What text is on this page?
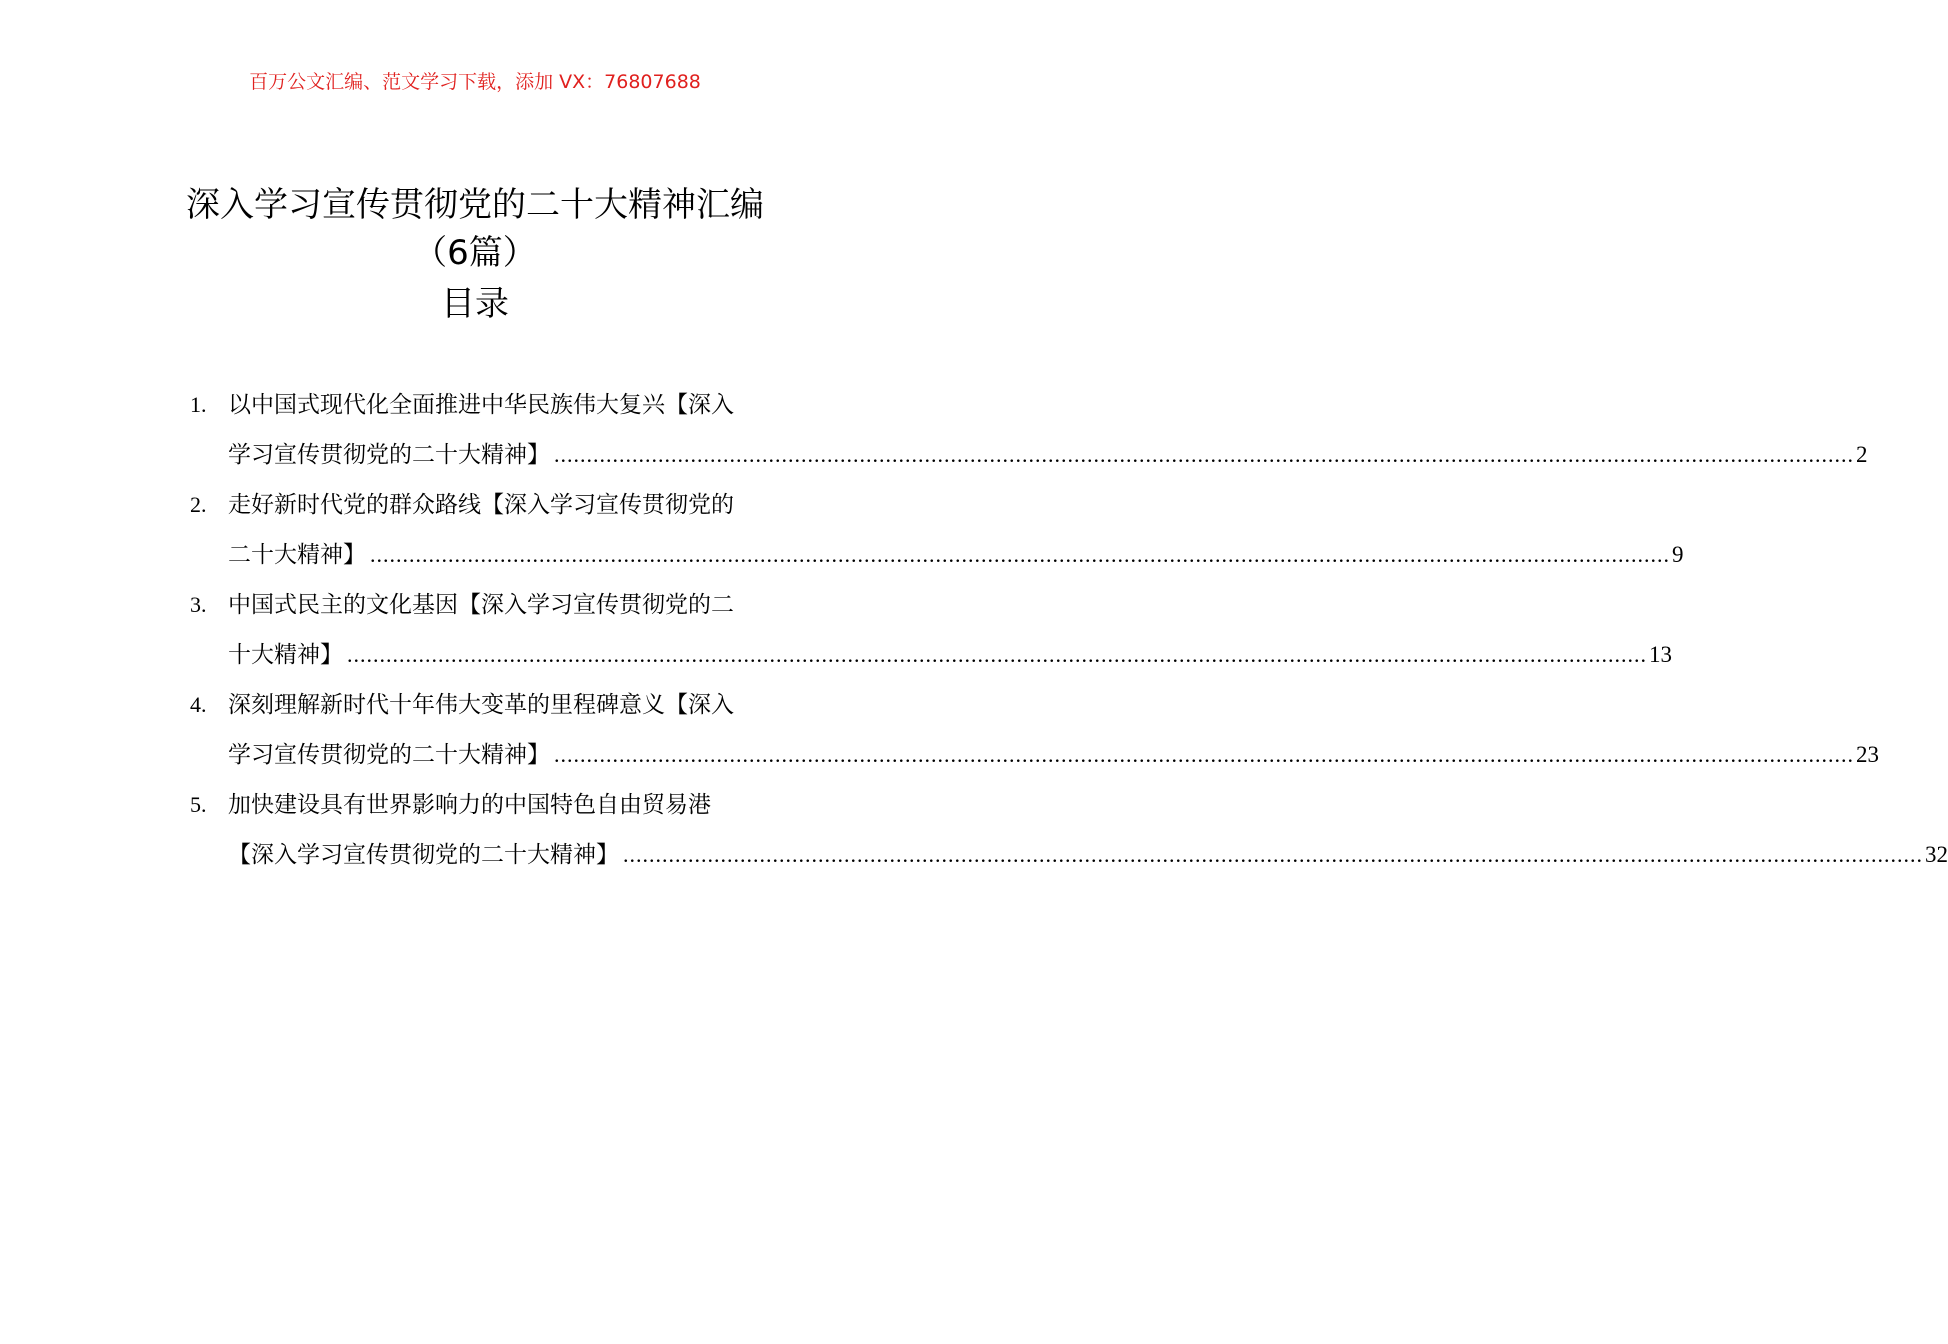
百万公文汇编、范文学习下载，添加 VX：76807688
深入学习宣传贯彻党的二十大精神汇编
（6篇）
目录
1. 以中国式现代化全面推进中华民族伟大复兴【深入
学习宣传贯彻党的二十大精神】 ........................................................................................................................................................................................................ 2
2. 走好新时代党的群众路线【深入学习宣传贯彻党的
二十大精神】 ........................................................................................................................................................................................................ 9
3. 中国式民主的文化基因【深入学习宣传贯彻党的二
十大精神】 ........................................................................................................................................................................................................ 13
4. 深刻理解新时代十年伟大变革的里程碑意义【深入
学习宣传贯彻党的二十大精神】 ........................................................................................................................................................................................................ 23
5. 加快建设具有世界影响力的中国特色自由贸易港
【深入学习宣传贯彻党的二十大精神】 ........................................................................................................................................................................................................ 32
